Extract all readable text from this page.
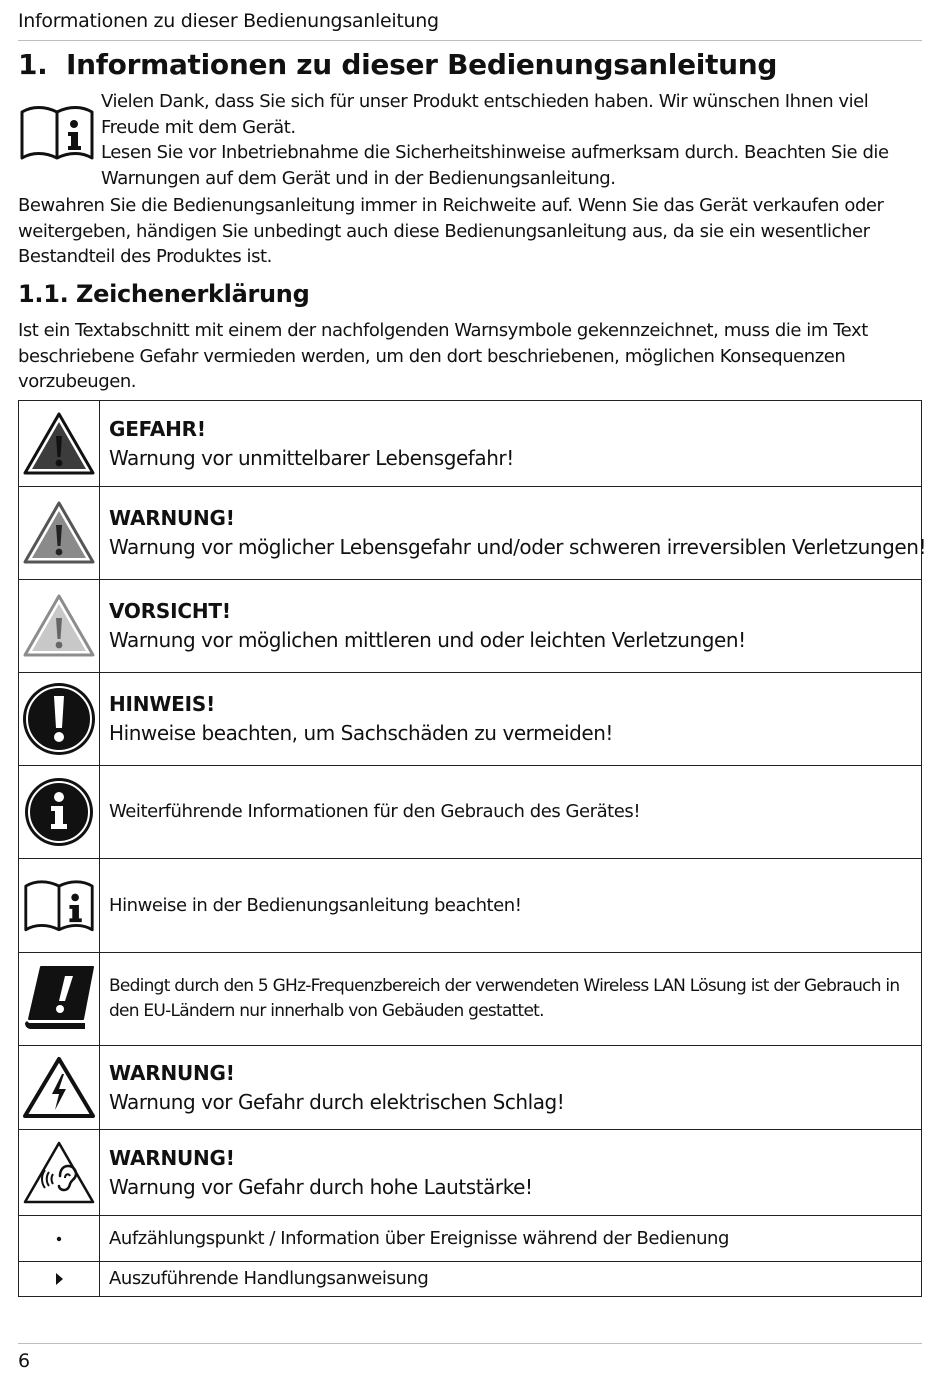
Informationen zu dieser Bedienungsanleitung
1. Informationen zu dieser Bedienungsanleitung

Vielen Dank, dass Sie sich für unser Produkt entschieden haben. Wir wünschen Ihnen viel Freude mit dem Gerät.

Lesen Sie vor Inbetriebnahme die Sicherheitshinweise aufmerksam durch. Beachten Sie die Warnungen auf dem Gerät und in der Bedienungsanleitung.

Bewahren Sie die Bedienungsanleitung immer in Reichweite auf. Wenn Sie das Gerät verkaufen oder weitergeben, händigen Sie unbedingt auch diese Bedienungsanleitung aus, da sie ein wesentlicher Bestandteil des Produktes ist.

1.1. Zeichenerklärung

Ist ein Textabschnitt mit einem der nachfolgenden Warnsymbole gekennzeichnet, muss die im Text beschriebene Gefahr vermieden werden, um den dort beschriebenen, möglichen Konsequenzen vorzubeugen.

GEFAHR!
Warnung vor unmittelbarer Lebensgefahr!

WARNUNG!
Warnung vor möglicher Lebensgefahr und/oder schweren irreversiblen Verletzungen!

VORSICHT!
Warnung vor möglichen mittleren und oder leichten Verletzungen!

HINWEIS!
Hinweise beachten, um Sachschäden zu vermeiden!

Weiterführende Informationen für den Gebrauch des Gerätes!

Hinweise in der Bedienungsanleitung beachten!

Bedingt durch den 5 GHz-Frequenzbereich der verwendeten Wireless LAN Lösung ist der Gebrauch in den EU-Ländern nur innerhalb von Gebäuden gestattet.

WARNUNG!
Warnung vor Gefahr durch elektrischen Schlag!

WARNUNG!
Warnung vor Gefahr durch hohe Lautstärke!

Aufzählungspunkt / Information über Ereignisse während der Bedienung

Auszuführende Handlungsanweisung
6
